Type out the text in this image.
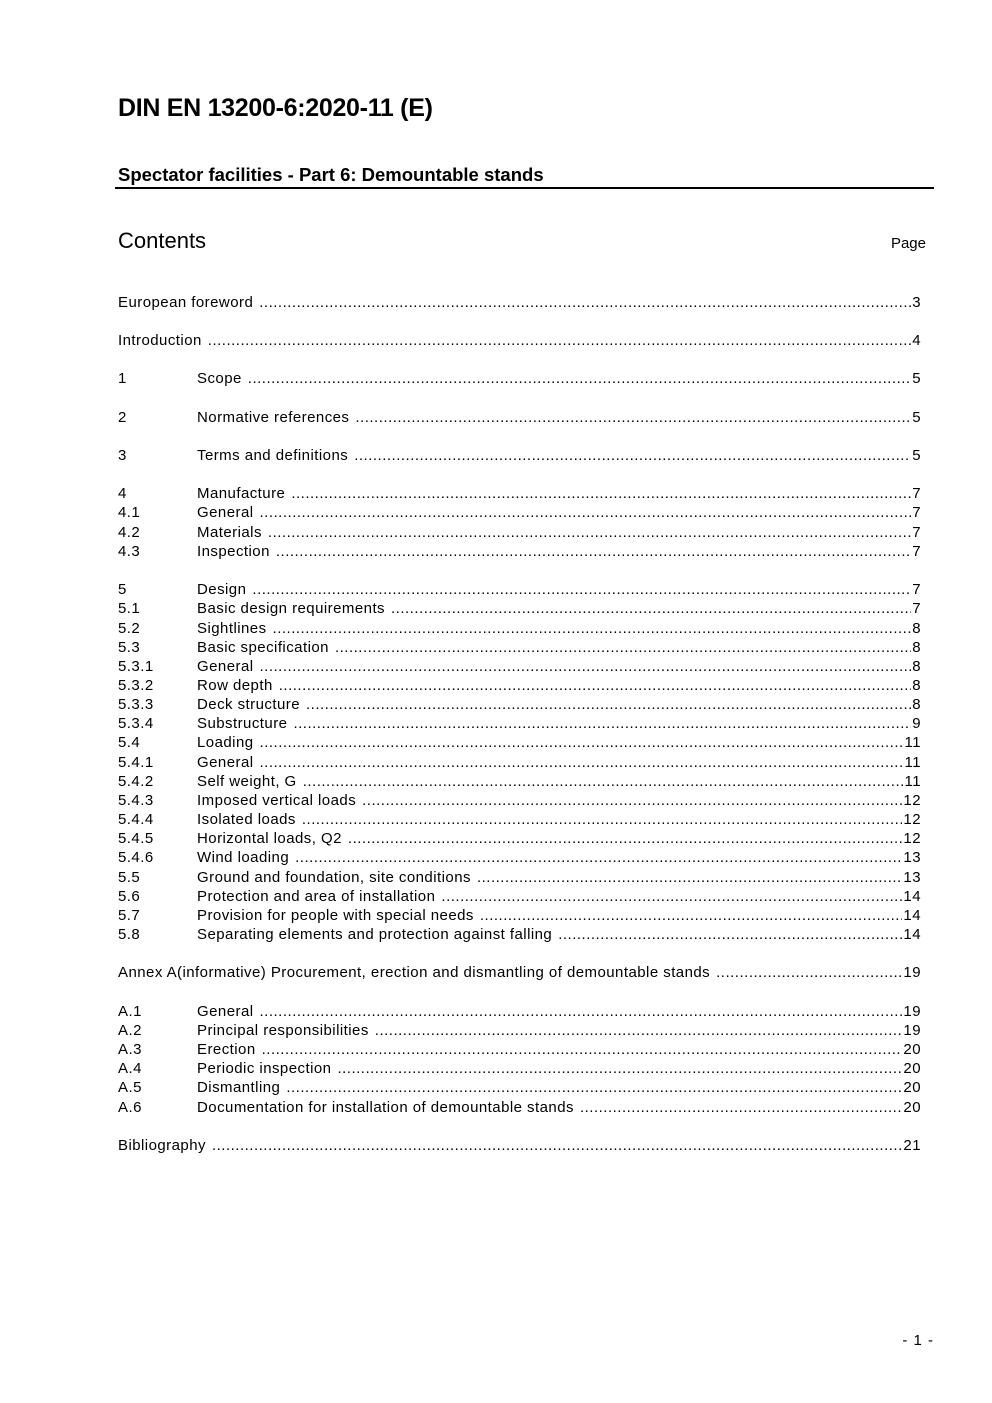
DIN EN 13200-6:2020-11 (E)
Spectator facilities - Part 6: Demountable stands
Contents	Page
European foreword .....	3
Introduction .....	4
1	Scope .....	5
2	Normative references .....	5
3	Terms and definitions .....	5
4	Manufacture .....	7
4.1	General .....	7
4.2	Materials .....	7
4.3	Inspection .....	7
5	Design .....	7
5.1	Basic design requirements .....	7
5.2	Sightlines .....	8
5.3	Basic specification .....	8
5.3.1	General .....	8
5.3.2	Row depth .....	8
5.3.3	Deck structure .....	8
5.3.4	Substructure .....	9
5.4	Loading .....	11
5.4.1	General .....	11
5.4.2	Self weight, G .....	11
5.4.3	Imposed vertical loads .....	12
5.4.4	Isolated loads .....	12
5.4.5	Horizontal loads, Q2 .....	12
5.4.6	Wind loading .....	13
5.5	Ground and foundation, site conditions .....	13
5.6	Protection and area of installation .....	14
5.7	Provision for people with special needs .....	14
5.8	Separating elements and protection against falling .....	14
Annex A(informative) Procurement, erection and dismantling of demountable stands .....	19
A.1	General .....	19
A.2	Principal responsibilities .....	19
A.3	Erection .....	20
A.4	Periodic inspection .....	20
A.5	Dismantling .....	20
A.6	Documentation for installation of demountable stands .....	20
Bibliography .....	21
- 1 -
